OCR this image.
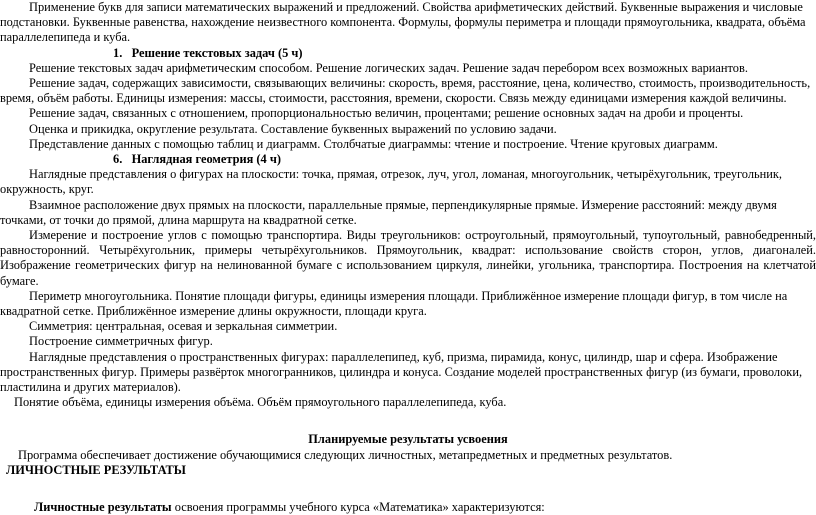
Применение букв для записи математических выражений и предложений. Свойства арифметических действий. Буквенные выражения и числовые подстановки. Буквенные равенства, нахождение неизвестного компонента. Формулы, формулы периметра и площади прямоугольника, квадрата, объёма параллелепипеда и куба.

1. Решение текстовых задач (5 ч)

Решение текстовых задач арифметическим способом. Решение логических задач. Решение задач перебором всех возможных вариантов.

Решение задач, содержащих зависимости, связывающих величины: скорость, время, расстояние, цена, количество, стоимость, производительность, время, объём работы. Единицы измерения: массы, стоимости, расстояния, времени, скорости. Связь между единицами измерения каждой величины.

Решение задач, связанных с отношением, пропорциональностью величин, процентами; решение основных задач на дроби и проценты.

Оценка и прикидка, округление результата. Составление буквенных выражений по условию задачи.

Представление данных с помощью таблиц и диаграмм. Столбчатые диаграммы: чтение и построение. Чтение круговых диаграмм.

6. Наглядная геометрия (4 ч)

Наглядные представления о фигурах на плоскости: точка, прямая, отрезок, луч, угол, ломаная, многоугольник, четырёхугольник, треугольник, окружность, круг.

Взаимное расположение двух прямых на плоскости, параллельные прямые, перпендикулярные прямые. Измерение расстояний: между двумя точками, от точки до прямой, длина маршрута на квадратной сетке.

Измерение и построение углов с помощью транспортира. Виды треугольников: остроугольный, прямоугольный, тупоугольный, равнобедренный, равносторонний. Четырёхугольник, примеры четырёхугольников. Прямоугольник, квадрат: использование свойств сторон, углов, диагоналей. Изображение геометрических фигур на нелинованной бумаге с использованием циркуля, линейки, угольника, транспортира. Построения на клетчатой бумаге.

Периметр многоугольника. Понятие площади фигуры, единицы измерения площади. Приближённое измерение площади фигур, в том числе на квадратной сетке. Приближённое измерение длины окружности, площади круга.

Симметрия: центральная, осевая и зеркальная симметрии.

Построение симметричных фигур.

Наглядные представления о пространственных фигурах: параллелепипед, куб, призма, пирамида, конус, цилиндр, шар и сфера. Изображение пространственных фигур. Примеры развёрток многогранников, цилиндра и конуса. Создание моделей пространственных фигур (из бумаги, проволоки, пластилина и других материалов).

Понятие объёма, единицы измерения объёма. Объём прямоугольного параллелепипеда, куба.

Планируемые результаты усвоения

Программа обеспечивает достижение обучающимися следующих личностных, метапредметных и предметных результатов.

ЛИЧНОСТНЫЕ РЕЗУЛЬТАТЫ

Личностные результаты освоения программы учебного курса «Математика» характеризуются:
